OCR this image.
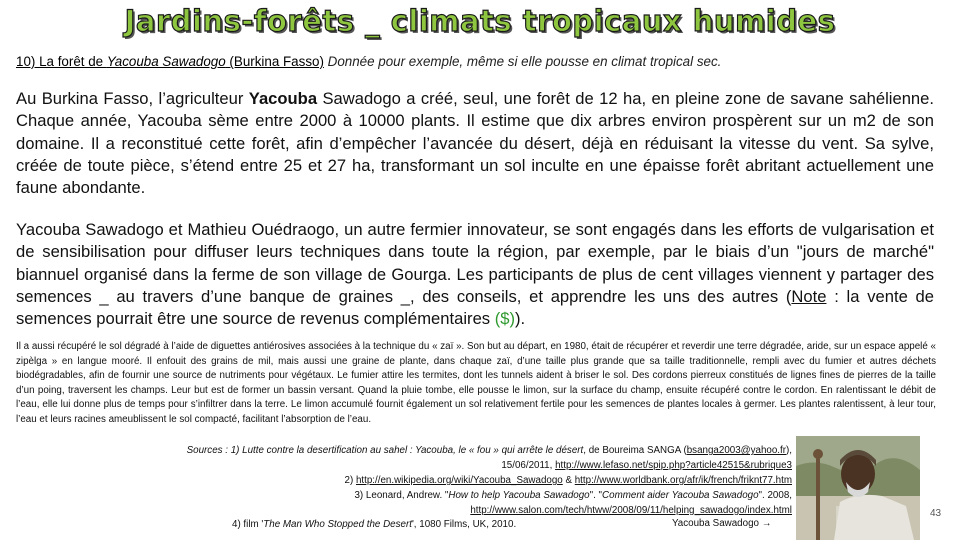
Jardins-forêts _ climats tropicaux humides
10) La forêt de Yacouba Sawadogo (Burkina Fasso) Donnée pour exemple, même si elle pousse en climat tropical sec.
Au Burkina Fasso, l’agriculteur Yacouba Sawadogo a créé, seul, une forêt de 12 ha, en pleine zone de savane sahélienne. Chaque année, Yacouba sème entre 2000 à 10000 plants. Il estime que dix arbres environ prospèrent sur un m2 de son domaine. Il a reconstitué cette forêt, afin d’empêcher l’avancée du désert, déjà en réduisant la vitesse du vent. Sa sylve, créée de toute pièce, s’étend entre 25 et 27 ha, transformant un sol inculte en une épaisse forêt abritant actuellement une faune abondante.
Yacouba Sawadogo et Mathieu Ouédraogo, un autre fermier innovateur, se sont engagés dans les efforts de vulgarisation et de sensibilisation pour diffuser leurs techniques dans toute la région, par exemple, par le biais d’un "jours de marché" biannuel organisé dans la ferme de son village de Gourga. Les participants de plus de cent villages viennent y partager des semences _ au travers d’une banque de graines _, des conseils, et apprendre les uns des autres (Note : la vente de semences pourrait être une source de revenus complémentaires ($)).
Il a aussi récupéré le sol dégradé à l’aide de diguettes antiérosives associées à la technique du « zaï ». Son but au départ, en 1980, était de récupérer et reverdir une terre dégradée, aride, sur un espace appelé « zipèlga » en langue mooré. Il enfouit des grains de mil, mais aussi une graine de plante, dans chaque zaï, d’une taille plus grande que sa taille traditionnelle, rempli avec du fumier et autres déchets biodégradables, afin de fournir une source de nutriments pour végétaux. Le fumier attire les termites, dont les tunnels aident à briser le sol. Des cordons pierreux constitués de lignes fines de pierres de la taille d’un poing, traversent les champs. Leur but est de former un bassin versant. Quand la pluie tombe, elle pousse le limon, sur la surface du champ, ensuite récupéré contre le cordon. En ralentissant le débit de l’eau, elle lui donne plus de temps pour s’infiltrer dans la terre. Le limon accumulé fournit également un sol relativement fertile pour les semences de plantes locales à germer. Les plantes ralentissent, à leur tour, l’eau et leurs racines ameublissent le sol compacté, facilitant l’absorption de l’eau.
Sources : 1) Lutte contre la desertification au sahel : Yacouba, le « fou » qui arrête le désert, de Boureima SANGA (bsanga2003@yahoo.fr),
15/06/2011, http://www.lefaso.net/spip.php?article42515&rubrique3
2) http://en.wikipedia.org/wiki/Yacouba_Sawadogo & http://www.worldbank.org/afr/ik/french/friknt77.htm
3) Leonard, Andrew. "How to help Yacouba Sawadogo". "Comment aider Yacouba Sawadogo". 2008,
http://www.salon.com/tech/htww/2008/09/11/helping_sawadogo/index.html
4) film 'The Man Who Stopped the Desert', 1080 Films, UK, 2010.	Yacouba Sawadogo →
43
